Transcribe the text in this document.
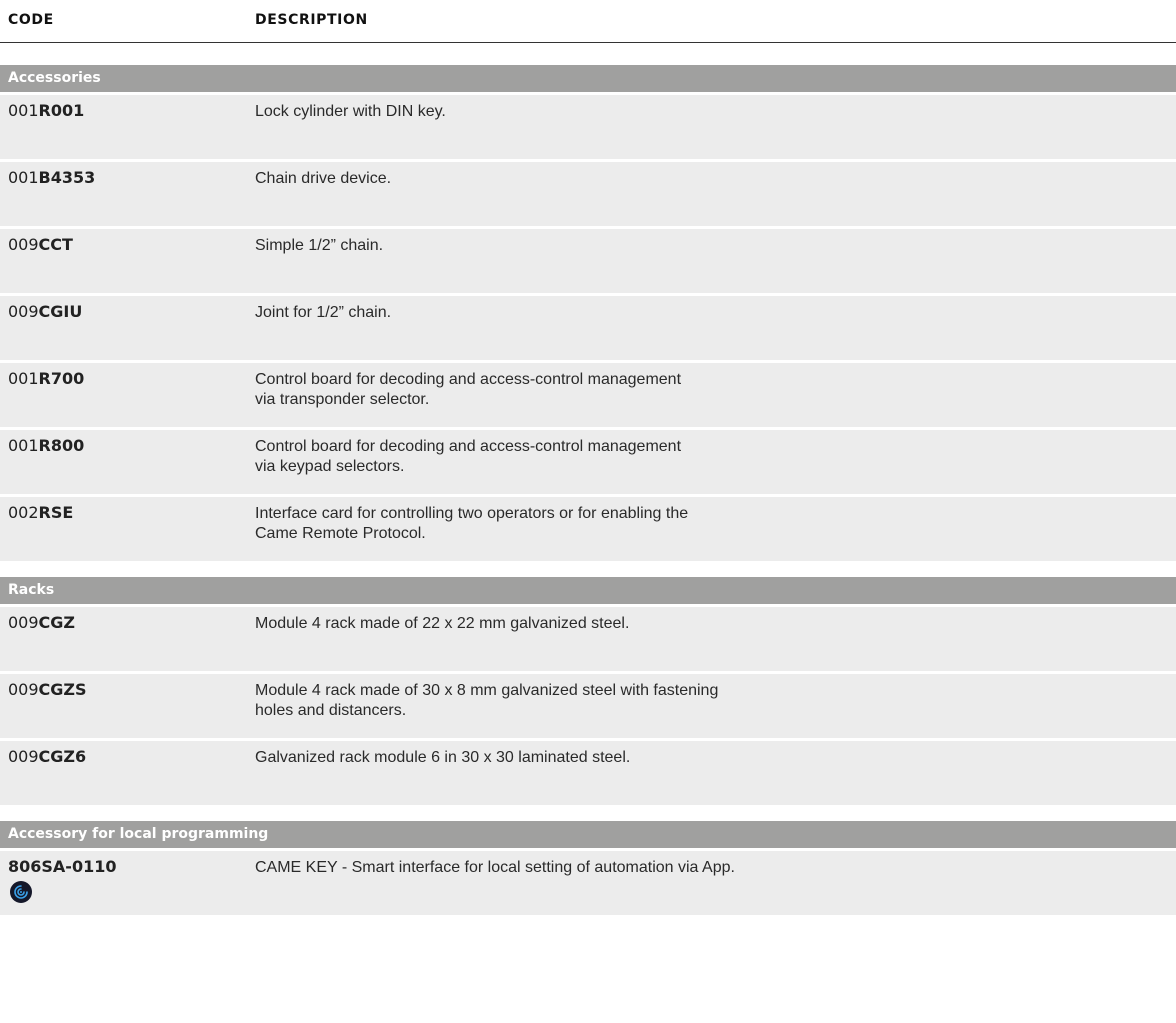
CODE	DESCRIPTION
Accessories
001R001	Lock cylinder with DIN key.
001B4353	Chain drive device.
009CCT	Simple 1/2” chain.
009CGIU	Joint for 1/2” chain.
001R700	Control board for decoding and access-control management
via transponder selector.
001R800	Control board for decoding and access-control management
via keypad selectors.
002RSE	Interface card for controlling two operators or for enabling the
Came Remote Protocol.
Racks
009CGZ	Module 4 rack made of 22 x 22 mm galvanized steel.
009CGZS	Module 4 rack made of 30 x 8 mm galvanized steel with fastening
holes and distancers.
009CGZ6	Galvanized rack module 6 in 30 x 30 laminated steel.
Accessory for local programming
806SA-0110	CAME KEY - Smart interface for local setting of automation via App.
